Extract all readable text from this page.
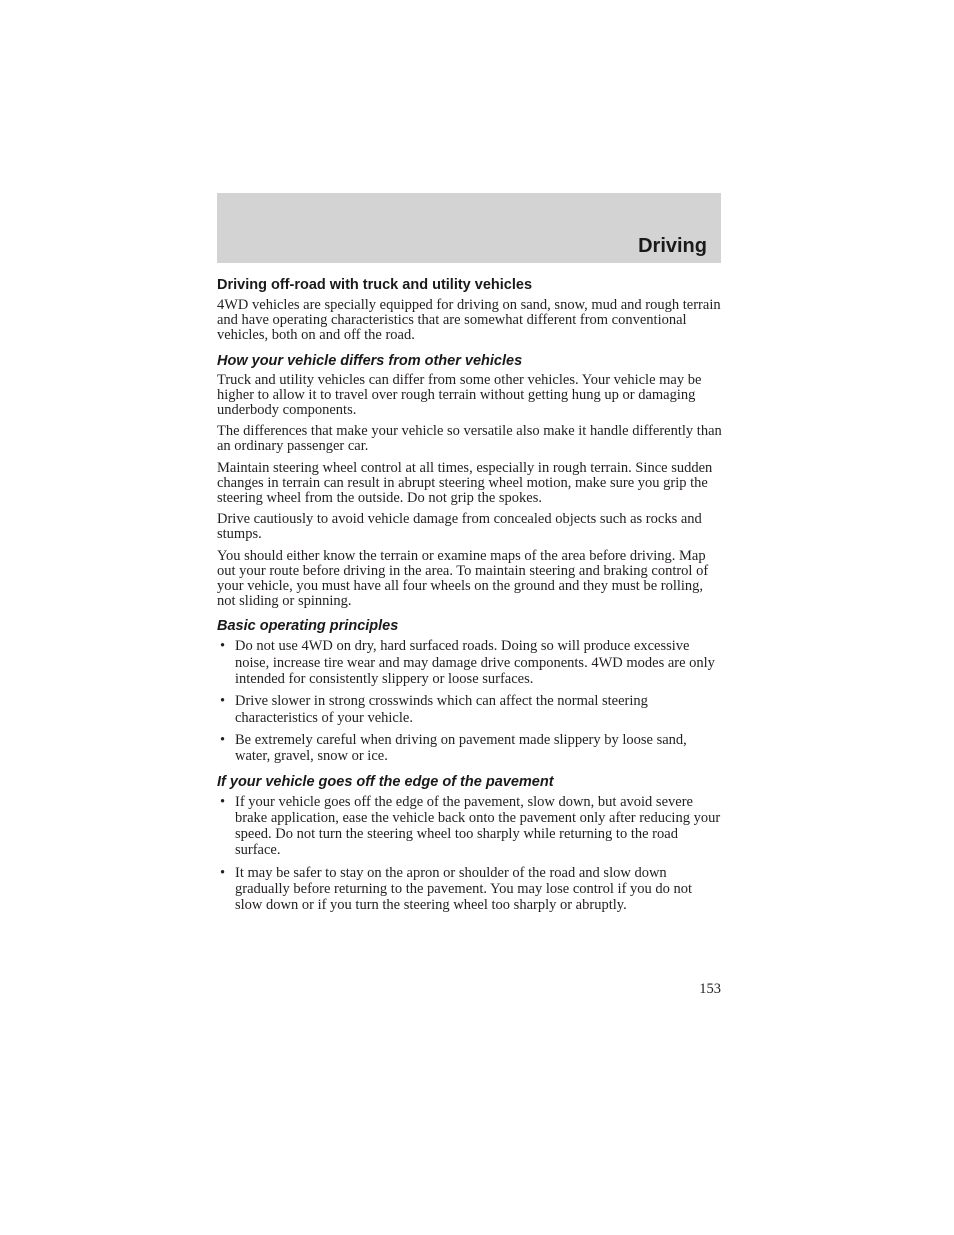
Driving
Driving off-road with truck and utility vehicles

4WD vehicles are specially equipped for driving on sand, snow, mud and rough terrain and have operating characteristics that are somewhat different from conventional vehicles, both on and off the road.

How your vehicle differs from other vehicles

Truck and utility vehicles can differ from some other vehicles. Your vehicle may be higher to allow it to travel over rough terrain without getting hung up or damaging underbody components.

The differences that make your vehicle so versatile also make it handle differently than an ordinary passenger car.

Maintain steering wheel control at all times, especially in rough terrain. Since sudden changes in terrain can result in abrupt steering wheel motion, make sure you grip the steering wheel from the outside. Do not grip the spokes.

Drive cautiously to avoid vehicle damage from concealed objects such as rocks and stumps.

You should either know the terrain or examine maps of the area before driving. Map out your route before driving in the area. To maintain steering and braking control of your vehicle, you must have all four wheels on the ground and they must be rolling, not sliding or spinning.

Basic operating principles
• Do not use 4WD on dry, hard surfaced roads. Doing so will produce excessive noise, increase tire wear and may damage drive components. 4WD modes are only intended for consistently slippery or loose surfaces.
• Drive slower in strong crosswinds which can affect the normal steering characteristics of your vehicle.
• Be extremely careful when driving on pavement made slippery by loose sand, water, gravel, snow or ice.
If your vehicle goes off the edge of the pavement
• If your vehicle goes off the edge of the pavement, slow down, but avoid severe brake application, ease the vehicle back onto the pavement only after reducing your speed. Do not turn the steering wheel too sharply while returning to the road surface.
• It may be safer to stay on the apron or shoulder of the road and slow down gradually before returning to the pavement. You may lose control if you do not slow down or if you turn the steering wheel too sharply or abruptly.
153
